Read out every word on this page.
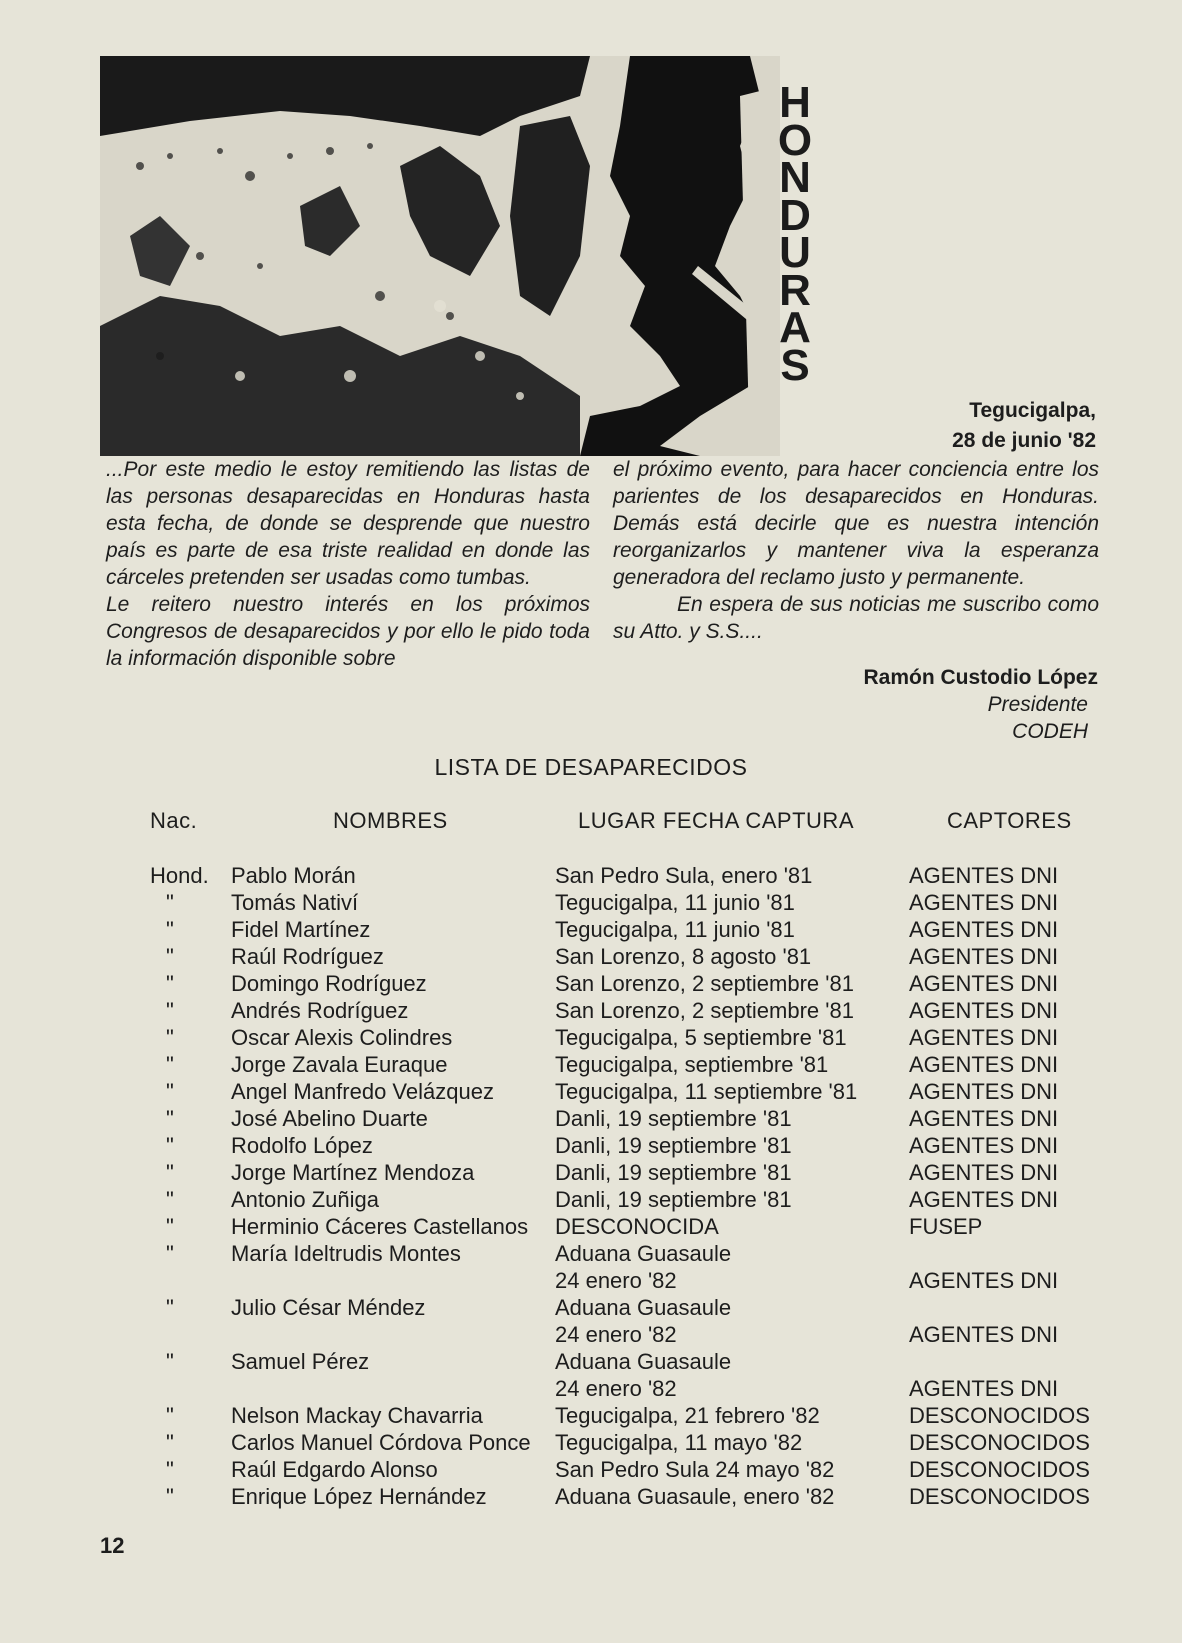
H
O
N
D
U
R
A
S
Tegucigalpa,
28 de junio '82

...Por este medio le estoy remitiendo las listas de las personas desaparecidas en Honduras hasta esta fecha, de donde se desprende que nuestro país es parte de esa triste realidad en donde las cárceles pretenden ser usadas como tumbas.

Le reitero nuestro interés en los próximos Congresos de desaparecidos y por ello le pido toda la información disponible sobre

el próximo evento, para hacer conciencia entre los parientes de los desaparecidos en Honduras. Demás está decirle que es nuestra intención reorganizarlos y mantener viva la esperanza generadora del reclamo justo y permanente.

En espera de sus noticias me suscribo como su Atto. y S.S....

Ramón Custodio López
Presidente
CODEH
LISTA DE DESAPARECIDOS
Nac.	NOMBRES	LUGAR FECHA CAPTURA	CAPTORES
Hond.	Pablo Morán	San Pedro Sula, enero '81	AGENTES DNI
"	Tomás Nativí	Tegucigalpa, 11 junio '81	AGENTES DNI
"	Fidel Martínez	Tegucigalpa, 11 junio '81	AGENTES DNI
"	Raúl Rodríguez	San Lorenzo, 8 agosto '81	AGENTES DNI
"	Domingo Rodríguez	San Lorenzo, 2 septiembre '81	AGENTES DNI
"	Andrés Rodríguez	San Lorenzo, 2 septiembre '81	AGENTES DNI
"	Oscar Alexis Colindres	Tegucigalpa, 5 septiembre '81	AGENTES DNI
"	Jorge Zavala Euraque	Tegucigalpa, septiembre '81	AGENTES DNI
"	Angel Manfredo Velázquez	Tegucigalpa, 11 septiembre '81 AGENTES DNI
"	José Abelino Duarte	Danli, 19 septiembre '81	AGENTES DNI
"	Rodolfo López	Danli, 19 septiembre '81	AGENTES DNI
"	Jorge Martínez Mendoza	Danli, 19 septiembre '81	AGENTES DNI
"	Antonio Zuñiga	Danli, 19 septiembre '81	AGENTES DNI
"	Herminio Cáceres Castellanos DESCONOCIDA	FUSEP
"	María Ideltrudis Montes	Aduana Guasaule
24 enero '82	AGENTES DNI
"	Julio César Méndez	Aduana Guasaule
24 enero '82	AGENTES DNI
"	Samuel Pérez	Aduana Guasaule
24 enero '82	AGENTES DNI
"	Nelson Mackay Chavarria	Tegucigalpa, 21 febrero '82	DESCONOCIDOS
"	Carlos Manuel Córdova Ponce Tegucigalpa, 11 mayo '82	DESCONOCIDOS
"	Raúl Edgardo Alonso	San Pedro Sula 24 mayo '82	DESCONOCIDOS
"	Enrique López Hernández	Aduana Guasaule, enero '82	DESCONOCIDOS
12
